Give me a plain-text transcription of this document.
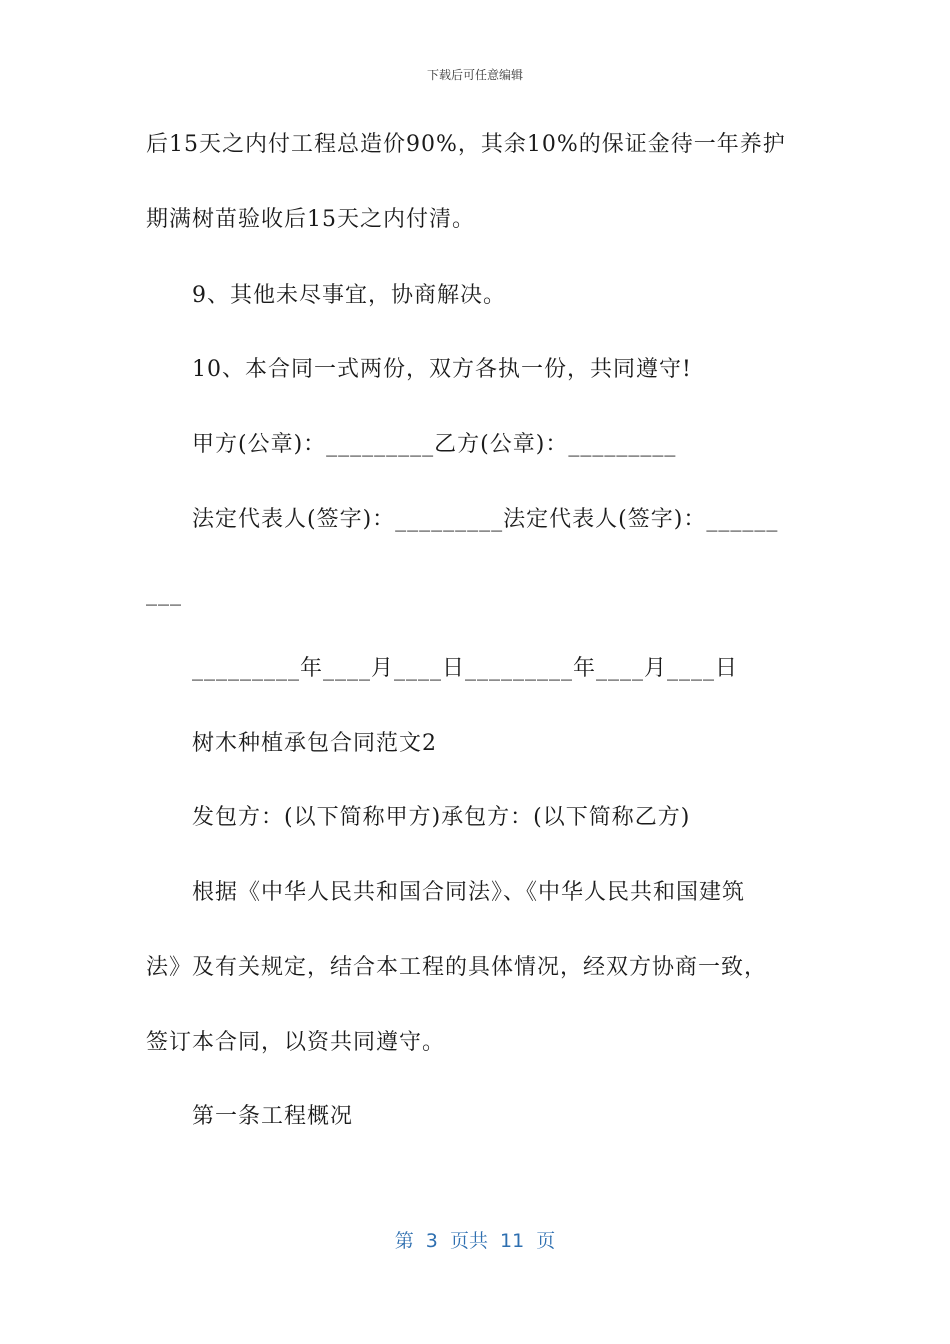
下载后可任意编辑
后15天之内付工程总造价90%，其余10%的保证金待一年养护
期满树苗验收后15天之内付清。
9、其他未尽事宜，协商解决。
10、本合同一式两份，双方各执一份，共同遵守!
甲方(公章)：_________乙方(公章)：_________
法定代表人(签字)：_________法定代表人(签字)：______
___
_________年____月____日_________年____月____日
树木种植承包合同范文2
发包方：(以下简称甲方)承包方：(以下简称乙方)
根据《中华人民共和国合同法》、《中华人民共和国建筑
法》及有关规定，结合本工程的具体情况，经双方协商一致，
签订本合同，以资共同遵守。
第一条工程概况
第  3  页共  11  页
